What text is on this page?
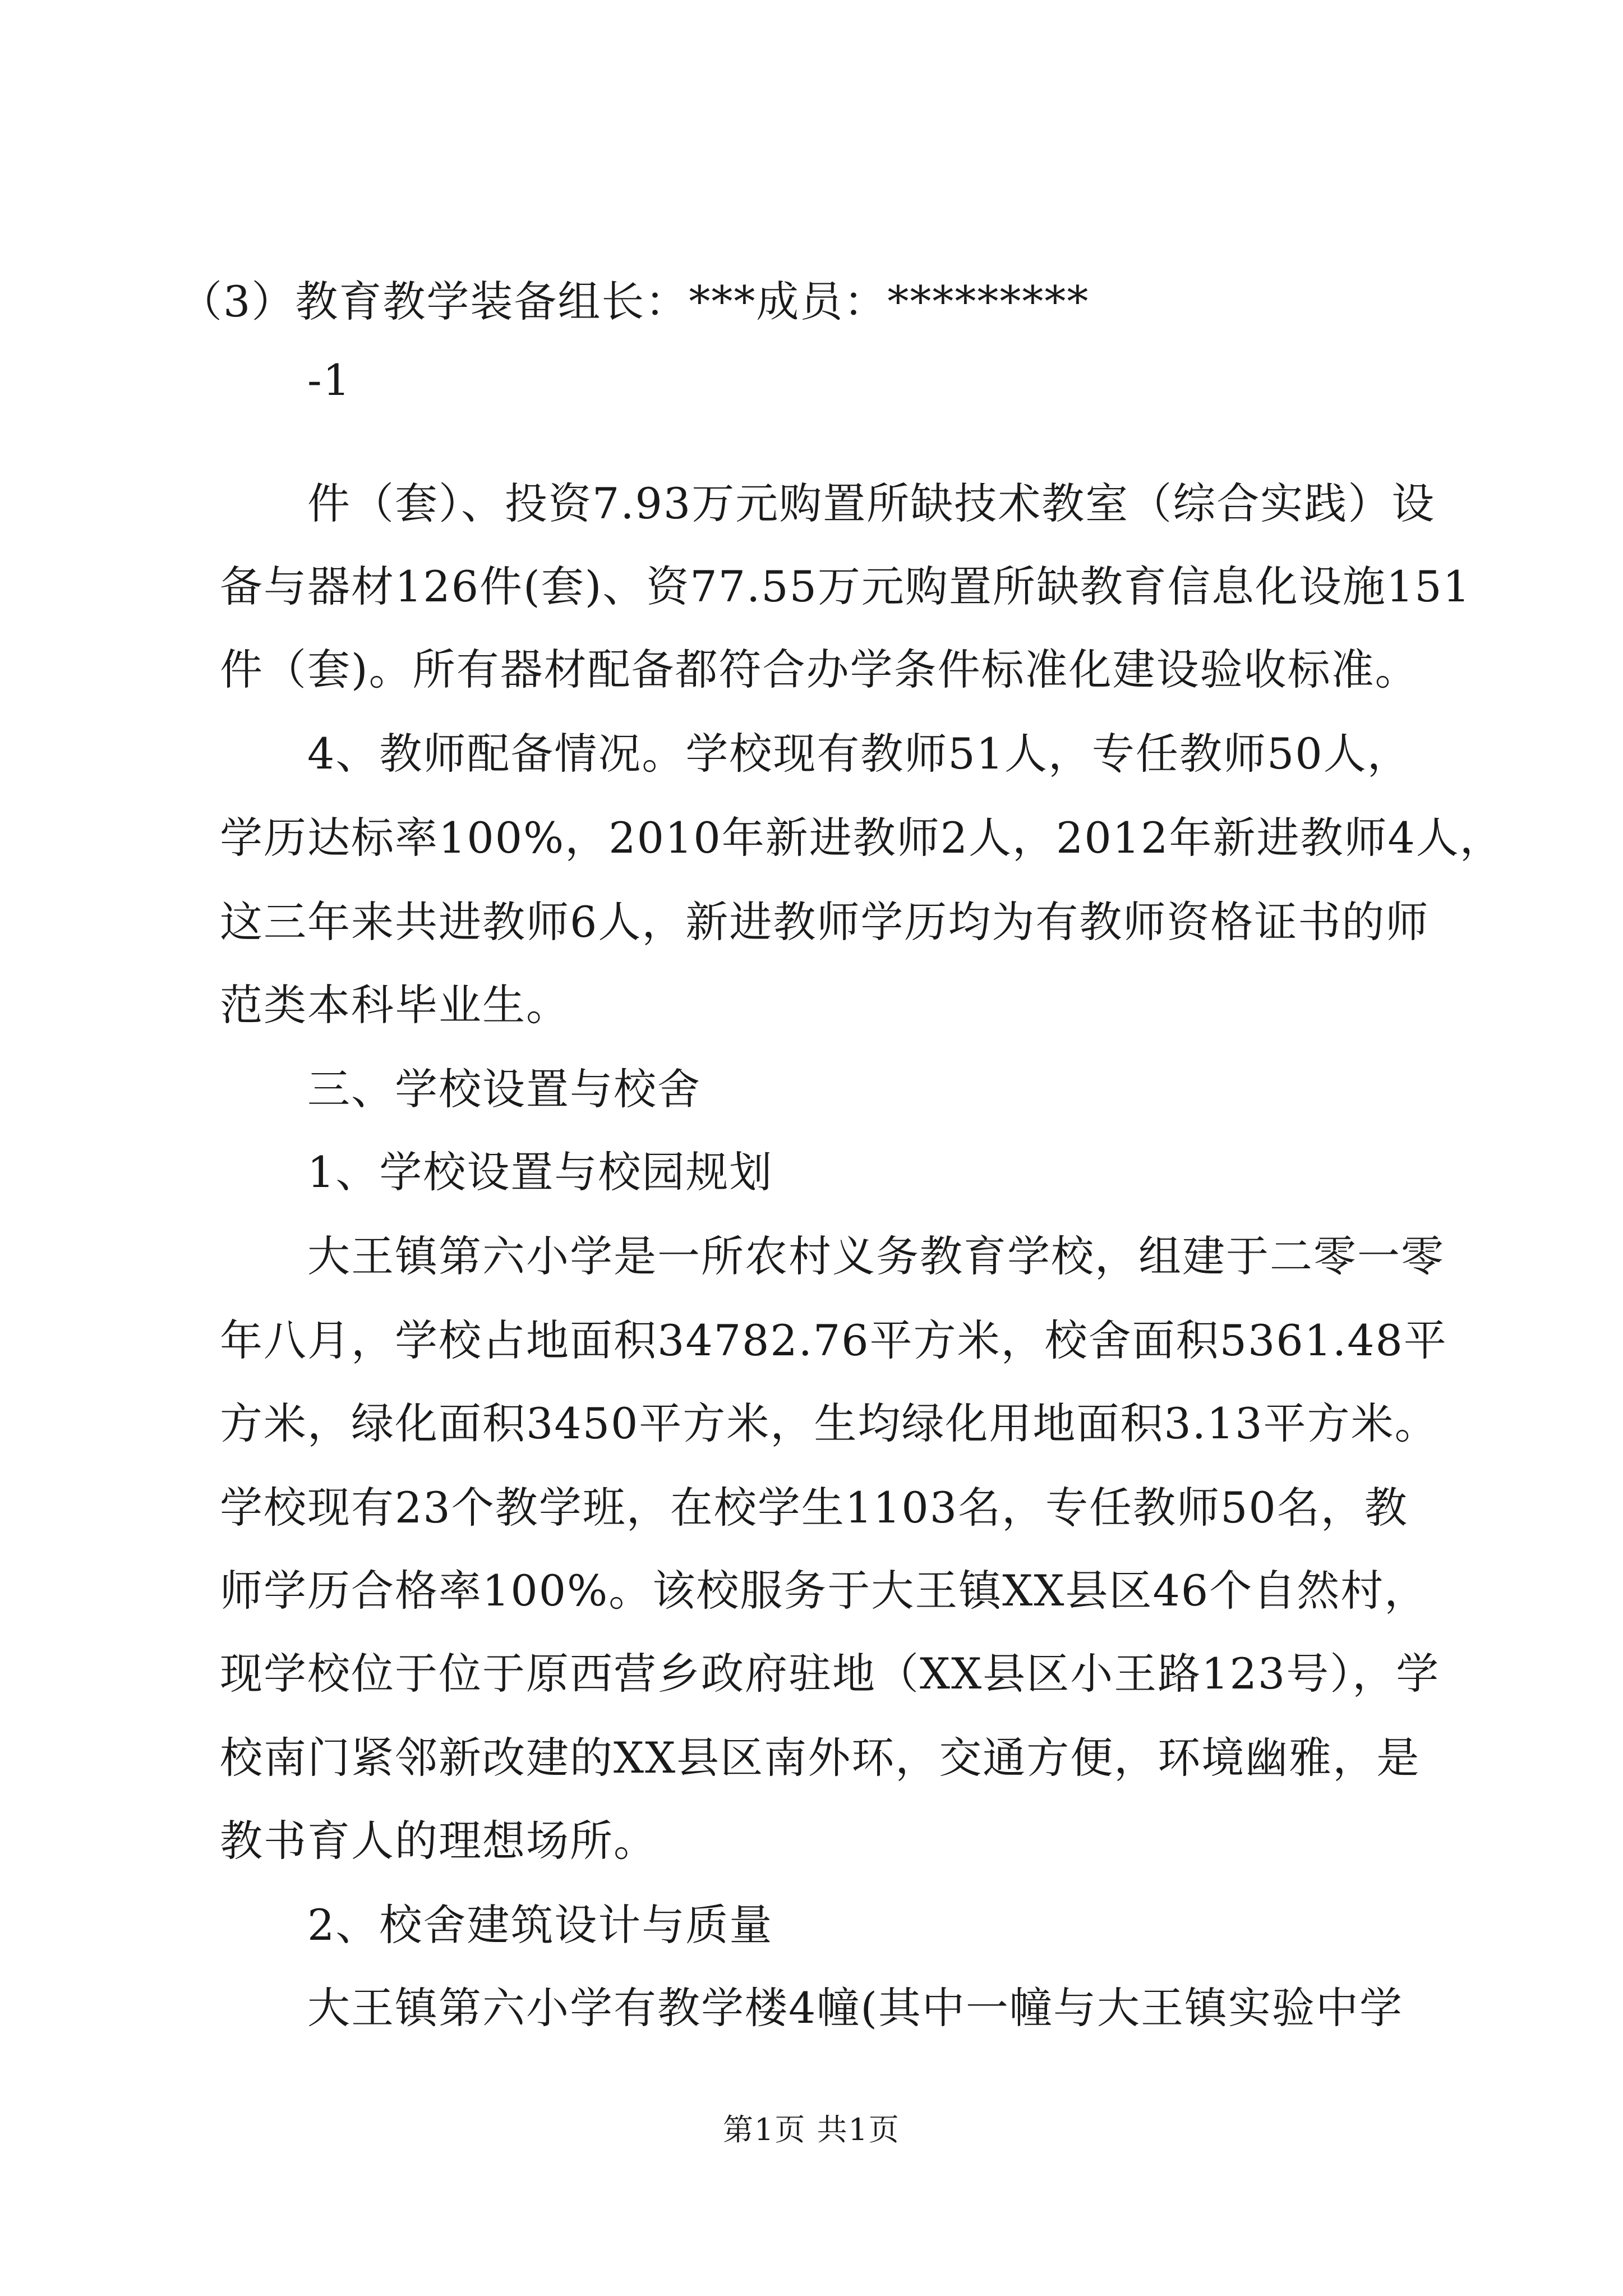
（3）教育教学装备组长：***成员：*********
-1
件（套）、投资7.93万元购置所缺技术教室（综合实践）设
备与器材126件(套)、资77.55万元购置所缺教育信息化设施151
件（套)。所有器材配备都符合办学条件标准化建设验收标准。
4、教师配备情况。学校现有教师51人，专任教师50人，
学历达标率100%，2010年新进教师2人，2012年新进教师4人，
这三年来共进教师6人，新进教师学历均为有教师资格证书的师
范类本科毕业生。
三、学校设置与校舍
1、学校设置与校园规划
大王镇第六小学是一所农村义务教育学校，组建于二零一零
年八月，学校占地面积34782.76平方米，校舍面积5361.48平
方米，绿化面积3450平方米，生均绿化用地面积3.13平方米。
学校现有23个教学班，在校学生1103名，专任教师50名，教
师学历合格率100%。该校服务于大王镇XX县区46个自然村，
现学校位于位于原西营乡政府驻地（XX县区小王路123号），学
校南门紧邻新改建的XX县区南外环，交通方便，环境幽雅，是
教书育人的理想场所。
2、校舍建筑设计与质量
大王镇第六小学有教学楼4幢(其中一幢与大王镇实验中学
第1页 共1页
